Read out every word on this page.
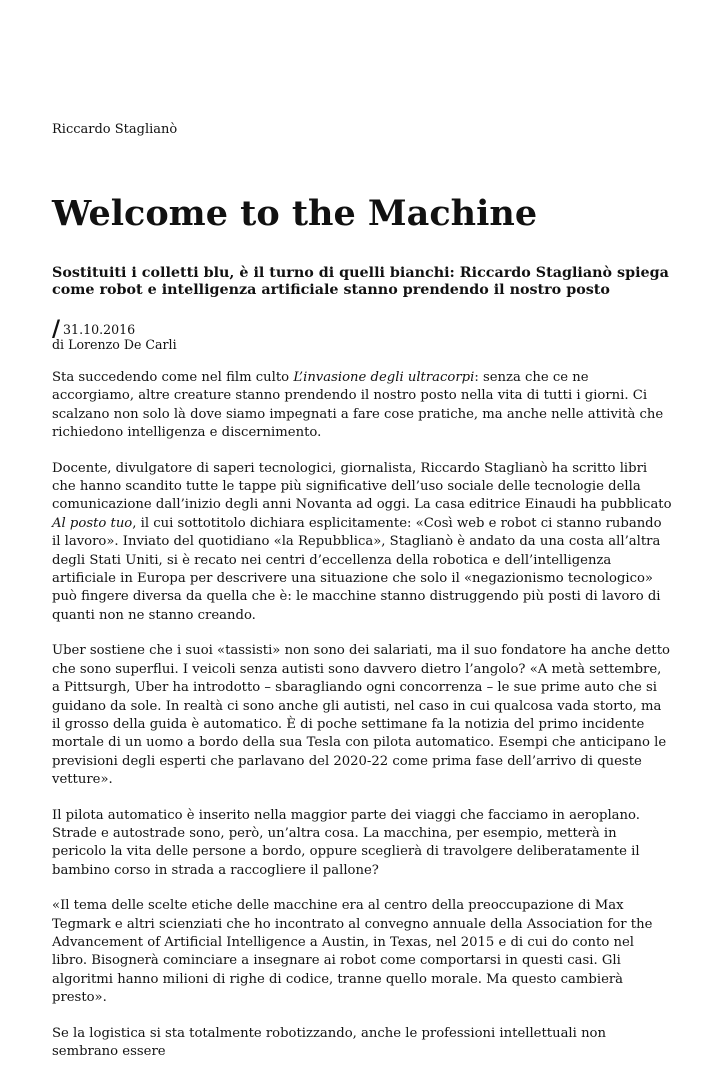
Riccardo Staglianò
Welcome to the Machine
Sostituiti i colletti blu, è il turno di quelli bianchi: Riccardo Staglianò spiega come robot e intelligenza artificiale stanno prendendo il nostro posto
/ 31.10.2016
di Lorenzo De Carli

Sta succedendo come nel film culto L’invasione degli ultracorpi: senza che ce ne accorgiamo, altre creature stanno prendendo il nostro posto nella vita di tutti i giorni. Ci scalzano non solo là dove siamo impegnati a fare cose pratiche, ma anche nelle attività che richiedono intelligenza e discernimento.

Docente, divulgatore di saperi tecnologici, giornalista, Riccardo Staglianò ha scritto libri che hanno scandito tutte le tappe più significative dell’uso sociale delle tecnologie della comunicazione dall’inizio degli anni Novanta ad oggi. La casa editrice Einaudi ha pubblicato Al posto tuo, il cui sottotitolo dichiara esplicitamente: «Così web e robot ci stanno rubando il lavoro». Inviato del quotidiano «la Repubblica», Staglianò è andato da una costa all’altra degli Stati Uniti, si è recato nei centri d’eccellenza della robotica e dell’intelligenza artificiale in Europa per descrivere una situazione che solo il «negazionismo tecnologico» può fingere diversa da quella che è: le macchine stanno distruggendo più posti di lavoro di quanti non ne stanno creando.

Uber sostiene che i suoi «tassisti» non sono dei salariati, ma il suo fondatore ha anche detto che sono superflui. I veicoli senza autisti sono davvero dietro l’angolo? «A metà settembre, a Pittsurgh, Uber ha introdotto – sbaragliando ogni concorrenza – le sue prime auto che si guidano da sole. In realtà ci sono anche gli autisti, nel caso in cui qualcosa vada storto, ma il grosso della guida è automatico. È di poche settimane fa la notizia del primo incidente mortale di un uomo a bordo della sua Tesla con pilota automatico. Esempi che anticipano le previsioni degli esperti che parlavano del 2020-22 come prima fase dell’arrivo di queste vetture».

Il pilota automatico è inserito nella maggior parte dei viaggi che facciamo in aeroplano. Strade e autostrade sono, però, un’altra cosa. La macchina, per esempio, metterà in pericolo la vita delle persone a bordo, oppure sceglierà di travolgere deliberatamente il bambino corso in strada a raccogliere il pallone?

«Il tema delle scelte etiche delle macchine era al centro della preoccupazione di Max Tegmark e altri scienziati che ho incontrato al convegno annuale della Association for the Advancement of Artificial Intelligence a Austin, in Texas, nel 2015 e di cui do conto nel libro. Bisognerà cominciare a insegnare ai robot come comportarsi in questi casi. Gli algoritmi hanno milioni di righe di codice, tranne quello morale. Ma questo cambierà presto».

Se la logistica si sta totalmente robotizzando, anche le professioni intellettuali non sembrano essere
